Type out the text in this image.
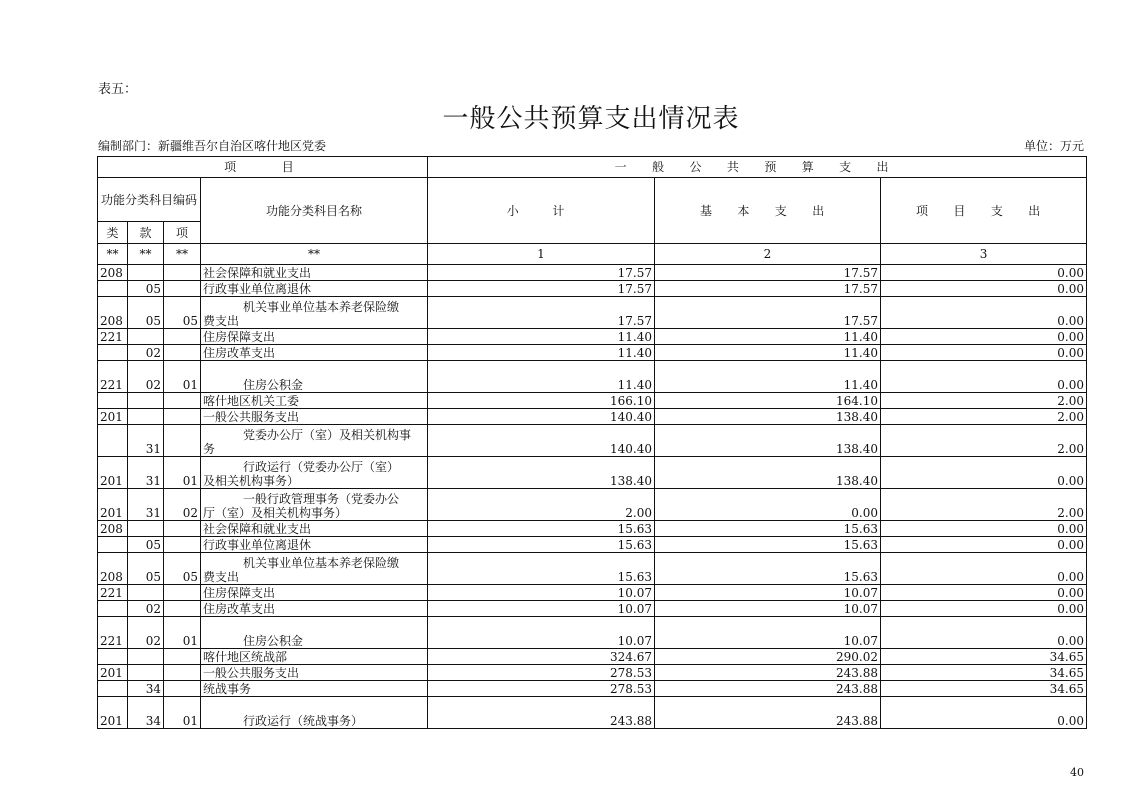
表五：
一般公共预算支出情况表
编制部门：新疆维吾尔自治区喀什地区党委	单位：万元
项　　目				一 般 公 共 预 算 支 出		
功能分类科目编码			功能分类科目名称	小　计	基 本 支 出	项 目 支 出
类	款	项				
**	**	**	**	1	2	3
208			社会保障和就业支出	17.57	17.57	0.00
	05		行政事业单位离退休	17.57	17.57	0.00
208	05	05	机关事业单位基本养老保险缴
费支出	17.57	17.57	0.00
221			住房保障支出	11.40	11.40	0.00
	02		住房改革支出	11.40	11.40	0.00
221	02	01	住房公积金	11.40	11.40	0.00
			喀什地区机关工委	166.10	164.10	2.00
201			一般公共服务支出	140.40	138.40	2.00
	31		党委办公厅（室）及相关机构事
务	140.40	138.40	2.00
201	31	01	行政运行（党委办公厅（室）
及相关机构事务）	138.40	138.40	0.00
201	31	02	一般行政管理事务（党委办公
厅（室）及相关机构事务）	2.00	0.00	2.00
208			社会保障和就业支出	15.63	15.63	0.00
	05		行政事业单位离退休	15.63	15.63	0.00
208	05	05	机关事业单位基本养老保险缴
费支出	15.63	15.63	0.00
221			住房保障支出	10.07	10.07	0.00
	02		住房改革支出	10.07	10.07	0.00
221	02	01	住房公积金	10.07	10.07	0.00
			喀什地区统战部	324.67	290.02	34.65
201			一般公共服务支出	278.53	243.88	34.65
	34		统战事务	278.53	243.88	34.65
201	34	01	行政运行（统战事务）	243.88	243.88	0.00
40
